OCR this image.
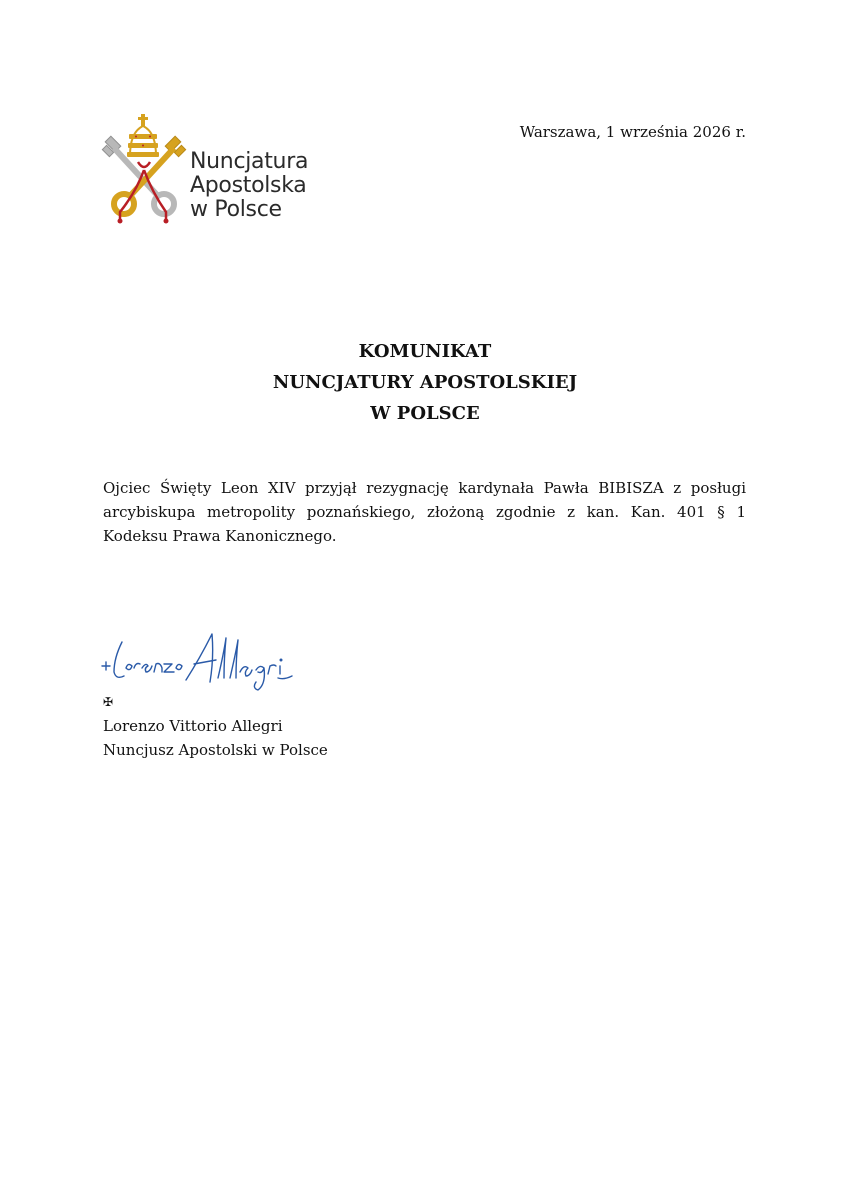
Nuncjatura
Apostolska
w Polsce
Warszawa, 1 września 2026 r.
KOMUNIKAT
NUNCJATURY APOSTOLSKIEJ
W POLSCE
Ojciec Święty Leon XIV przyjął rezygnację kardynała Pawła BIBISZA z posługi arcybiskupa metropolity poznańskiego, złożoną zgodnie z kan. Kan. 401 § 1 Kodeksu Prawa Kanonicznego.
✠
Lorenzo Vittorio Allegri
Nuncjusz Apostolski w Polsce
